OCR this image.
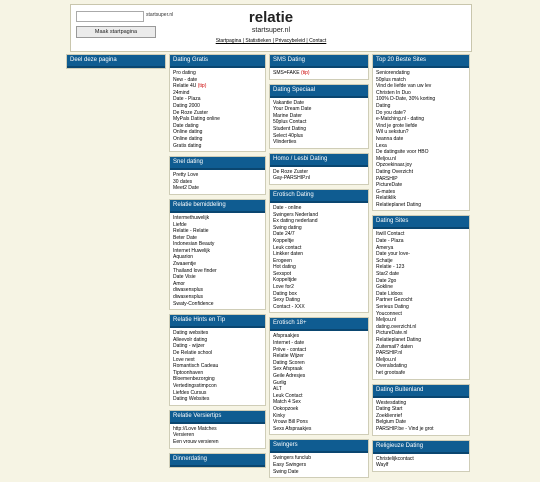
startsuper.nl
Maak startpagina
relatie
startsuper.nl
Startpagina | Statistieken | Privacybeleid | Contact
Deel deze pagina	Dating Gratis
Pro dating
New - date
Relatie 4U (tip)
24mind
Date - Plaza
Dating 2000
De Roze Zuster
MyPals Dating online
Date dating
Online dating
Online dating
Gratis dating
Snel dating
Pretty Love
30 dates
Meet2 Date
Relatie bemiddeling
Intermethuwelijk
Liefde
Relatie - Relatie
Beter Date
Indonesian Beauty
Internet Huwelijk
Aquarion
Zwaaentje
Thailand love finder
Date Visie
Amor
diwasensplus
diwasensplus
Swaty-Confidence
Relatie Hints en Tip
Dating websites
Alleevolr dating
Dating - wijzer
De Relatie school
Love next
Romantisch Cadeau
Tiptoonhaven
Bloemenbezorging
Vertedingsstimpcon
Liefdes Cursus
Dating Websites
Relatie Versiertips
http://Love Matches
Versieren
Een vrouw versieren
Dinnerdating
SMS Dating
SMS=FAKE (tip)
Dating Speciaal
Vakantie Date
Your Dream Date
Marine Dater
50plus Contact
Student Dating
Select 40plus
Vlinderties
Homo / Lesbi Dating
De Roze Zuster
Gay-PARSHIP.nl
Erotisch Dating
Date - online
Swingers Nederland
Ex dating nederland
Swing dating
Date 24/7
Koppeltje
Leuk contact
Linkker daten
Erogeen
Hot dating
Sexspot
Koppeltjde
Love for2
Dating box
Sexy Dating
Contact - XXX
Erotisch 18+
Afspraakjes
Internet - date
Priive - contact
Relatie Wijzer
Dating Scoren
Sex Afspraak
Geile Adresjes
Gurlig
ALT
Leuk Contact
Match 4 Sex
Ookopzoek
Kinky
Vrouw Bill Pons
Sexs Afspraakjes
Swingers
Swingers funclub
Easy Swingers
Swing Date
Top 20 Beste Sites
Seniorendating
50plus match
Vind de liefde van uw lev
Christen In Duo
100% D-Date, 30% korting
Dating
Do you date?
e-Matching.nl - dating
Vind je grote liefde
Wil u sekstun?
Iwanna date
Lexa
De datingsite voor HBO
Meljou.nl
Opzoekinaar.joy
Dating Overzicht
PARSHIP
PictureDate
G-mates
Relatiklik
Relatieplanet Dating
Dating Sites
Itwill Contact
Date - Plaza
Amerya
Date your love-
Schatje
Relatie - 123
Star2 date
Date 2go
Gokline
Date Lidoos
Partner Gezocht
Serieus Dating
Youconnect
Meljou.nl
dating.overzicht.nl
PictureDate.nl
Relatieplanet Dating
Zuitemail? daten
PARSHIP.nl
Meljou.nl
Overalsdating
het grootsafe
Dating Buitenland
Westesdating
Dating Start
Zoeklienrief
Belgium Date
PARSHIP.be - Vind je grot
Religieuze Dating
Christelijkcontact
Waylf
